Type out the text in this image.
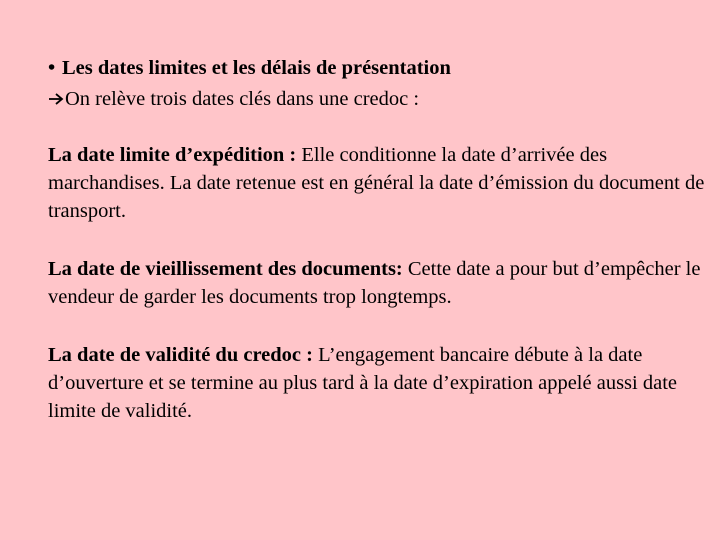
• Les dates limites et les délais de présentation
On relève trois dates clés dans une credoc :
La date limite d’expédition : Elle conditionne la date d’arrivée des marchandises. La date retenue est en général la date d’émission du document de transport.
La date de vieillissement des documents: Cette date a pour but d’empêcher le vendeur de garder les documents trop longtemps.
La date de validité du credoc : L’engagement bancaire débute à la date d’ouverture et se termine au plus tard à la date d’expiration appelé aussi date limite de validité.
